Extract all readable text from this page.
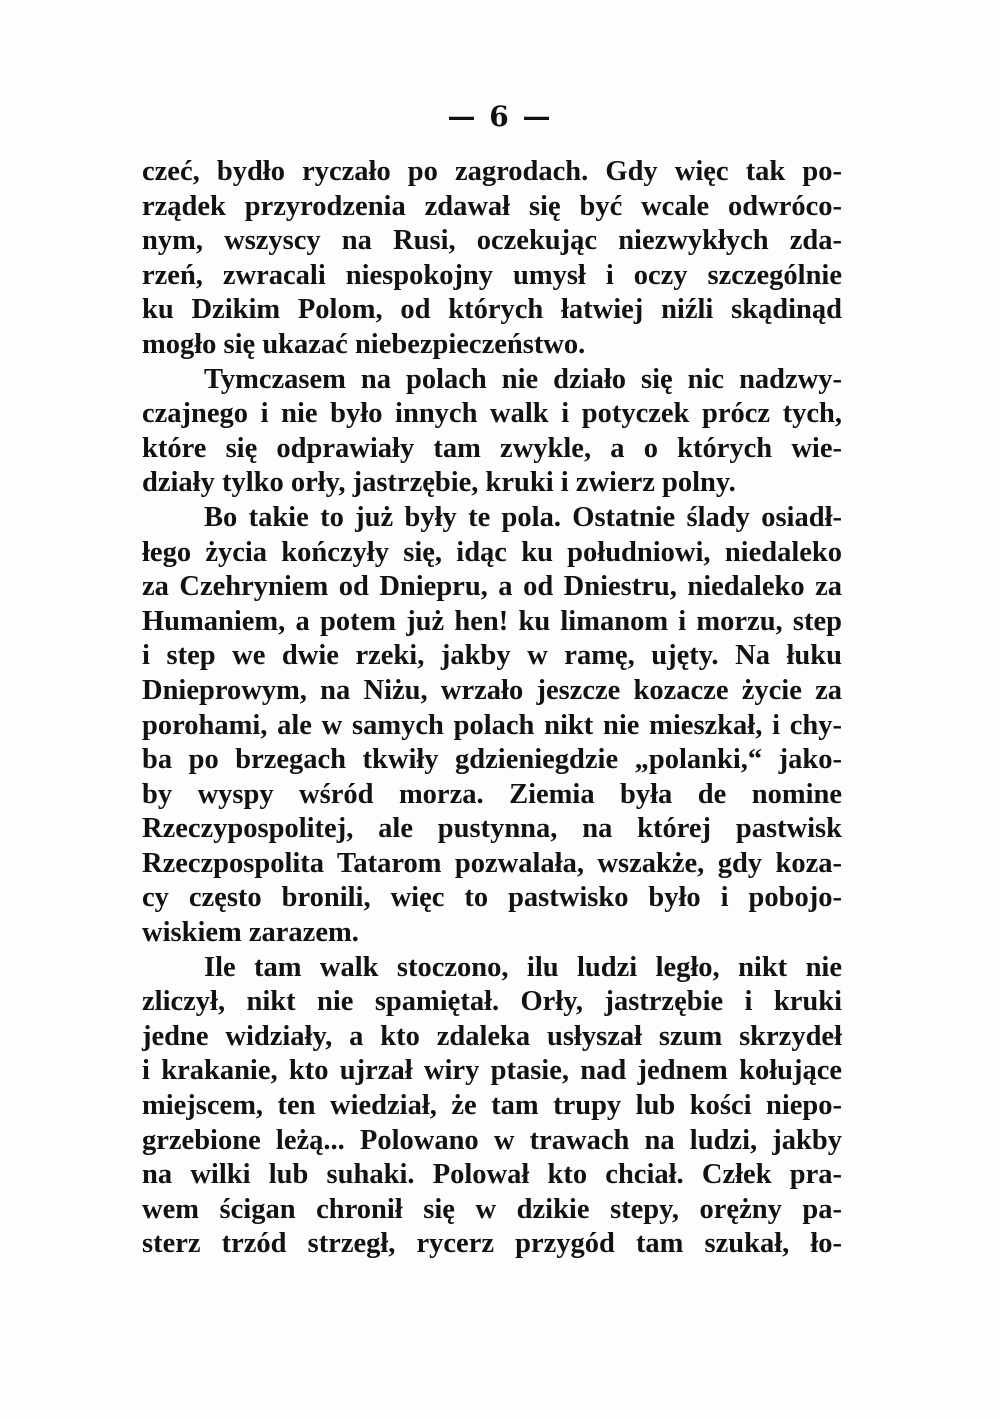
— 6 —
czeć, bydło ryczało po zagrodach. Gdy więc tak po-
rządek przyrodzenia zdawał się być wcale odwróco-
nym, wszyscy na Rusi, oczekując niezwykłych zda-
rzeń, zwracali niespokojny umysł i oczy szczególnie
ku Dzikim Polom, od których łatwiej niźli skądinąd
mogło się ukazać niebezpieczeństwo.
Tymczasem na polach nie działo się nic nadzwy-
czajnego i nie było innych walk i potyczek prócz tych,
które się odprawiały tam zwykle, a o których wie-
działy tylko orły, jastrzębie, kruki i zwierz polny.
Bo takie to już były te pola. Ostatnie ślady osiadł-
łego życia kończyły się, idąc ku południowi, niedaleko
za Czehryniem od Dniepru, a od Dniestru, niedaleko za
Humaniem, a potem już hen! ku limanom i morzu, step
i step we dwie rzeki, jakby w ramę, ujęty. Na łuku
Dnieprowym, na Niżu, wrzało jeszcze kozacze życie za
porohami, ale w samych polach nikt nie mieszkał, i chy-
ba po brzegach tkwiły gdzieniegdzie „polanki,“ jako-
by wyspy wśród morza. Ziemia była de nomine
Rzeczypospolitej, ale pustynna, na której pastwisk
Rzeczpospolita Tatarom pozwalała, wszakże, gdy koza-
cy często bronili, więc to pastwisko było i pobojo-
wiskiem zarazem.
Ile tam walk stoczono, ilu ludzi legło, nikt nie
zliczył, nikt nie spamiętał. Orły, jastrzębie i kruki
jedne widziały, a kto zdaleka usłyszał szum skrzydeł
i krakanie, kto ujrzał wiry ptasie, nad jednem kołujące
miejscem, ten wiedział, że tam trupy lub kości niepo-
grzebione leżą... Polowano w trawach na ludzi, jakby
na wilki lub suhaki. Polował kto chciał. Człek pra-
wem ścigan chronił się w dzikie stepy, orężny pa-
sterz trzód strzegł, rycerz przygód tam szukał, ło-
